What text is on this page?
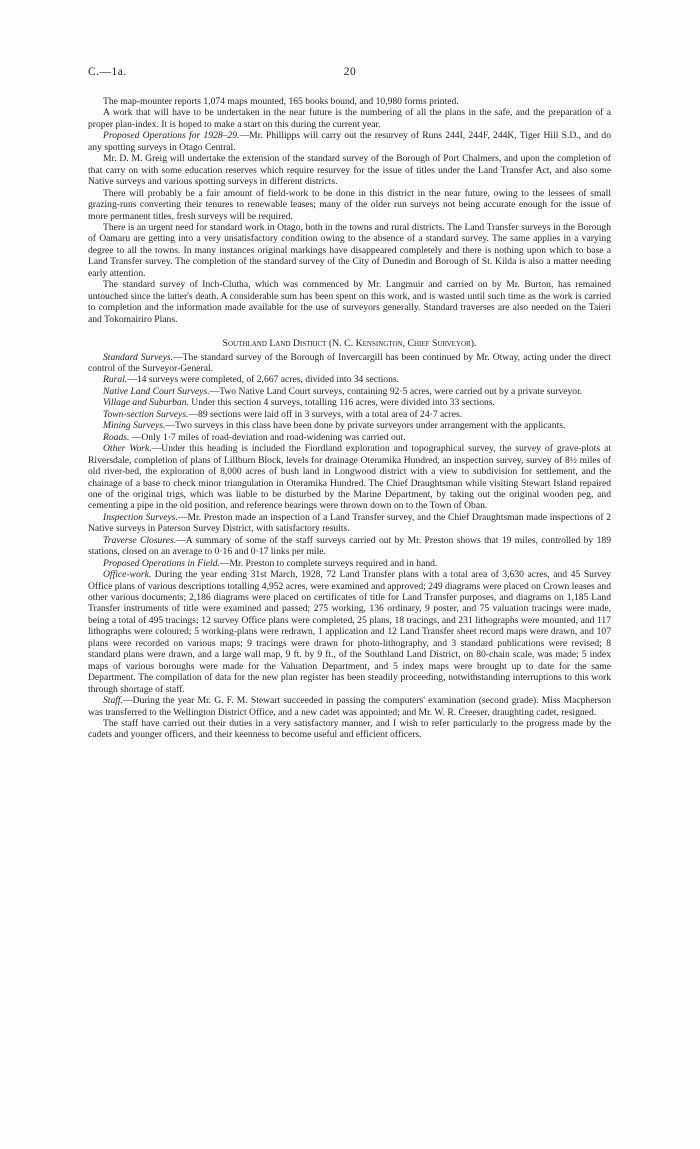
C.—1a.	20

The map-mounter reports 1,074 maps mounted, 165 books bound, and 10,980 forms printed.

A work that will have to be undertaken in the near future is the numbering of all the plans in the safe, and the preparation of a proper plan-index. It is hoped to make a start on this during the current year.

Proposed Operations for 1928–29.—Mr. Phillipps will carry out the resurvey of Runs 244I, 244F, 244K, Tiger Hill S.D., and do any spotting surveys in Otago Central.

Mr. D. M. Greig will undertake the extension of the standard survey of the Borough of Port Chalmers, and upon the completion of that carry on with some education reserves which require resurvey for the issue of titles under the Land Transfer Act, and also some Native surveys and various spotting surveys in different districts.

There will probably be a fair amount of field-work to be done in this district in the near future, owing to the lessees of small grazing-runs converting their tenures to renewable leases; many of the older run surveys not being accurate enough for the issue of more permanent titles, fresh surveys will be required.

There is an urgent need for standard work in Otago, both in the towns and rural districts. The Land Transfer surveys in the Borough of Oamaru are getting into a very unsatisfactory condition owing to the absence of a standard survey. The same applies in a varying degree to all the towns. In many instances original markings have disappeared completely and there is nothing upon which to base a Land Transfer survey. The completion of the standard survey of the City of Dunedin and Borough of St. Kilda is also a matter needing early attention.

The standard survey of Inch-Clutha, which was commenced by Mr. Langmuir and carried on by Mr. Burton, has remained untouched since the latter's death. A considerable sum has been spent on this work, and is wasted until such time as the work is carried to completion and the information made available for the use of surveyors generally. Standard traverses are also needed on the Taieri and Tokomairiro Plans.

Southland Land District (N. C. Kensington, Chief Surveyor).

Standard Surveys.—The standard survey of the Borough of Invercargill has been continued by Mr. Otway, acting under the direct control of the Surveyor-General.

Rural.—14 surveys were completed, of 2,667 acres, divided into 34 sections.

Native Land Court Surveys.—Two Native Land Court surveys, containing 92·5 acres, were carried out by a private surveyor.

Village and Suburban. Under this section 4 surveys, totalling 116 acres, were divided into 33 sections.

Town-section Surveys.—89 sections were laid off in 3 surveys, with a total area of 24·7 acres.

Mining Surveys.—Two surveys in this class have been done by private surveyors under arrangement with the applicants.

Roads. —Only 1·7 miles of road-deviation and road-widening was carried out.

Other Work.—Under this heading is included the Fiordland exploration and topographical survey, the survey of grave-plots at Riversdale, completion of plans of Lillburn Block, levels for drainage Oteramika Hundred, an inspection survey, survey of 8½ miles of old river-bed, the exploration of 8,000 acres of bush land in Longwood district with a view to subdivision for settlement, and the chainage of a base to check minor triangulation in Oteramika Hundred. The Chief Draughtsman while visiting Stewart Island repaired one of the original trigs, which was liable to be disturbed by the Marine Department, by taking out the original wooden peg, and cementing a pipe in the old position, and reference bearings were thrown down on to the Town of Oban.

Inspection Surveys.—Mr. Preston made an inspection of a Land Transfer survey, and the Chief Draughtsman made inspections of 2 Native surveys in Paterson Survey District, with satisfactory results.

Traverse Closures.—A summary of some of the staff surveys carried out by Mr. Preston shows that 19 miles, controlled by 189 stations, closed on an average to 0·16 and 0·17 links per mile.

Proposed Operations in Field.—Mr. Preston to complete surveys required and in hand.

Office-work. During the year ending 31st March, 1928, 72 Land Transfer plans with a total area of 3,630 acres, and 45 Survey Office plans of various descriptions totalling 4,952 acres, were examined and approved; 249 diagrams were placed on Crown leases and other various documents; 2,186 diagrams were placed on certificates of title for Land Transfer purposes, and diagrams on 1,185 Land Transfer instruments of title were examined and passed; 275 working, 136 ordinary, 9 poster, and 75 valuation tracings were made, being a total of 495 tracings; 12 survey Office plans were completed, 25 plans, 18 tracings, and 231 lithographs were mounted, and 117 lithographs were coloured; 5 working-plans were redrawn, 1 application and 12 Land Transfer sheet record maps were drawn, and 107 plans were recorded on various maps; 9 tracings were drawn for photo-lithography, and 3 standard publications were revised; 8 standard plans were drawn, and a large wall map, 9 ft. by 9 ft., of the Southland Land District, on 80-chain scale, was made; 5 index maps of various boroughs were made for the Valuation Department, and 5 index maps were brought up to date for the same Department. The compilation of data for the new plan register has been steadily proceeding, notwithstanding interruptions to this work through shortage of staff.

Staff.—During the year Mr. G. F. M. Stewart succeeded in passing the computers' examination (second grade). Miss Macpherson was transferred to the Wellington District Office, and a new cadet was appointed; and Mr. W. R. Creeser, draughting cadet, resigned.

The staff have carried out their duties in a very satisfactory manner, and I wish to refer particularly to the progress made by the cadets and younger officers, and their keenness to become useful and efficient officers.
